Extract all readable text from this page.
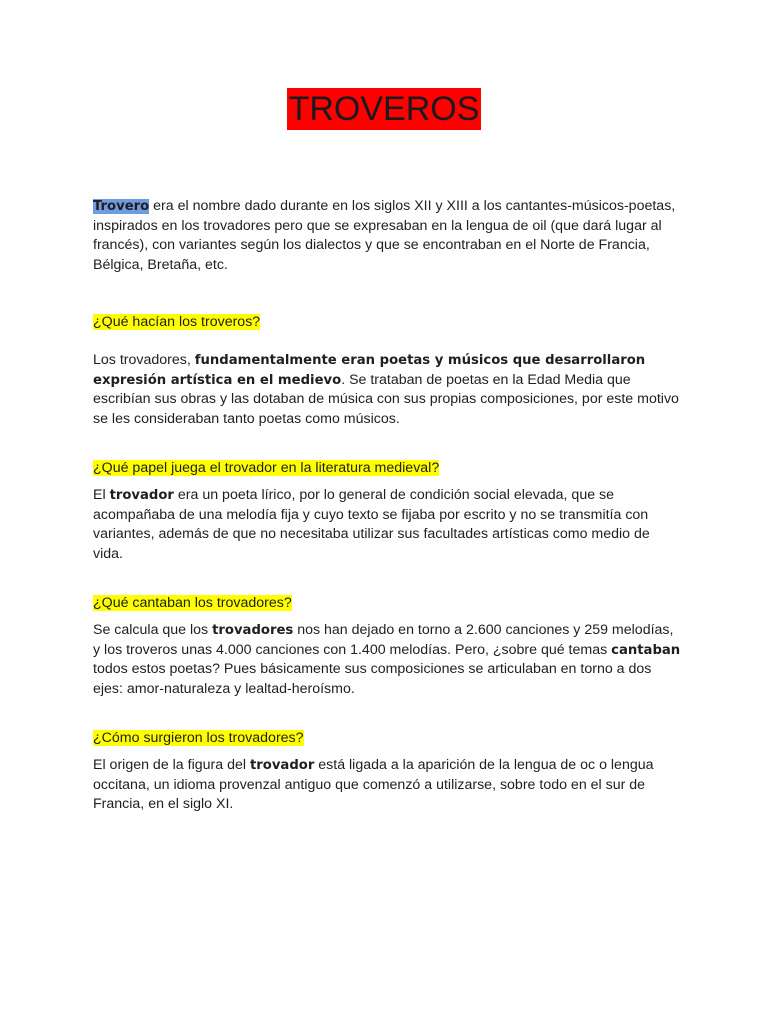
TROVEROS

Trovero era el nombre dado durante en los siglos XII y XIII a los cantantes-músicos-poetas, inspirados en los trovadores pero que se expresaban en la lengua de oil (que dará lugar al francés), con variantes según los dialectos y que se encontraban en el Norte de Francia, Bélgica, Bretaña, etc.

¿Qué hacían los troveros?

Los trovadores, fundamentalmente eran poetas y músicos que desarrollaron expresión artística en el medievo. Se trataban de poetas en la Edad Media que escribían sus obras y las dotaban de música con sus propias composiciones, por este motivo se les consideraban tanto poetas como músicos.

¿Qué papel juega el trovador en la literatura medieval?

El trovador era un poeta lírico, por lo general de condición social elevada, que se acompañaba de una melodía fija y cuyo texto se fijaba por escrito y no se transmitía con variantes, además de que no necesitaba utilizar sus facultades artísticas como medio de vida.

¿Qué cantaban los trovadores?

Se calcula que los trovadores nos han dejado en torno a 2.600 canciones y 259 melodías, y los troveros unas 4.000 canciones con 1.400 melodías. Pero, ¿sobre qué temas cantaban todos estos poetas? Pues básicamente sus composiciones se articulaban en torno a dos ejes: amor-naturaleza y lealtad-heroísmo.

¿Cómo surgieron los trovadores?

El origen de la figura del trovador está ligada a la aparición de la lengua de oc o lengua occitana, un idioma provenzal antiguo que comenzó a utilizarse, sobre todo en el sur de Francia, en el siglo XI.
